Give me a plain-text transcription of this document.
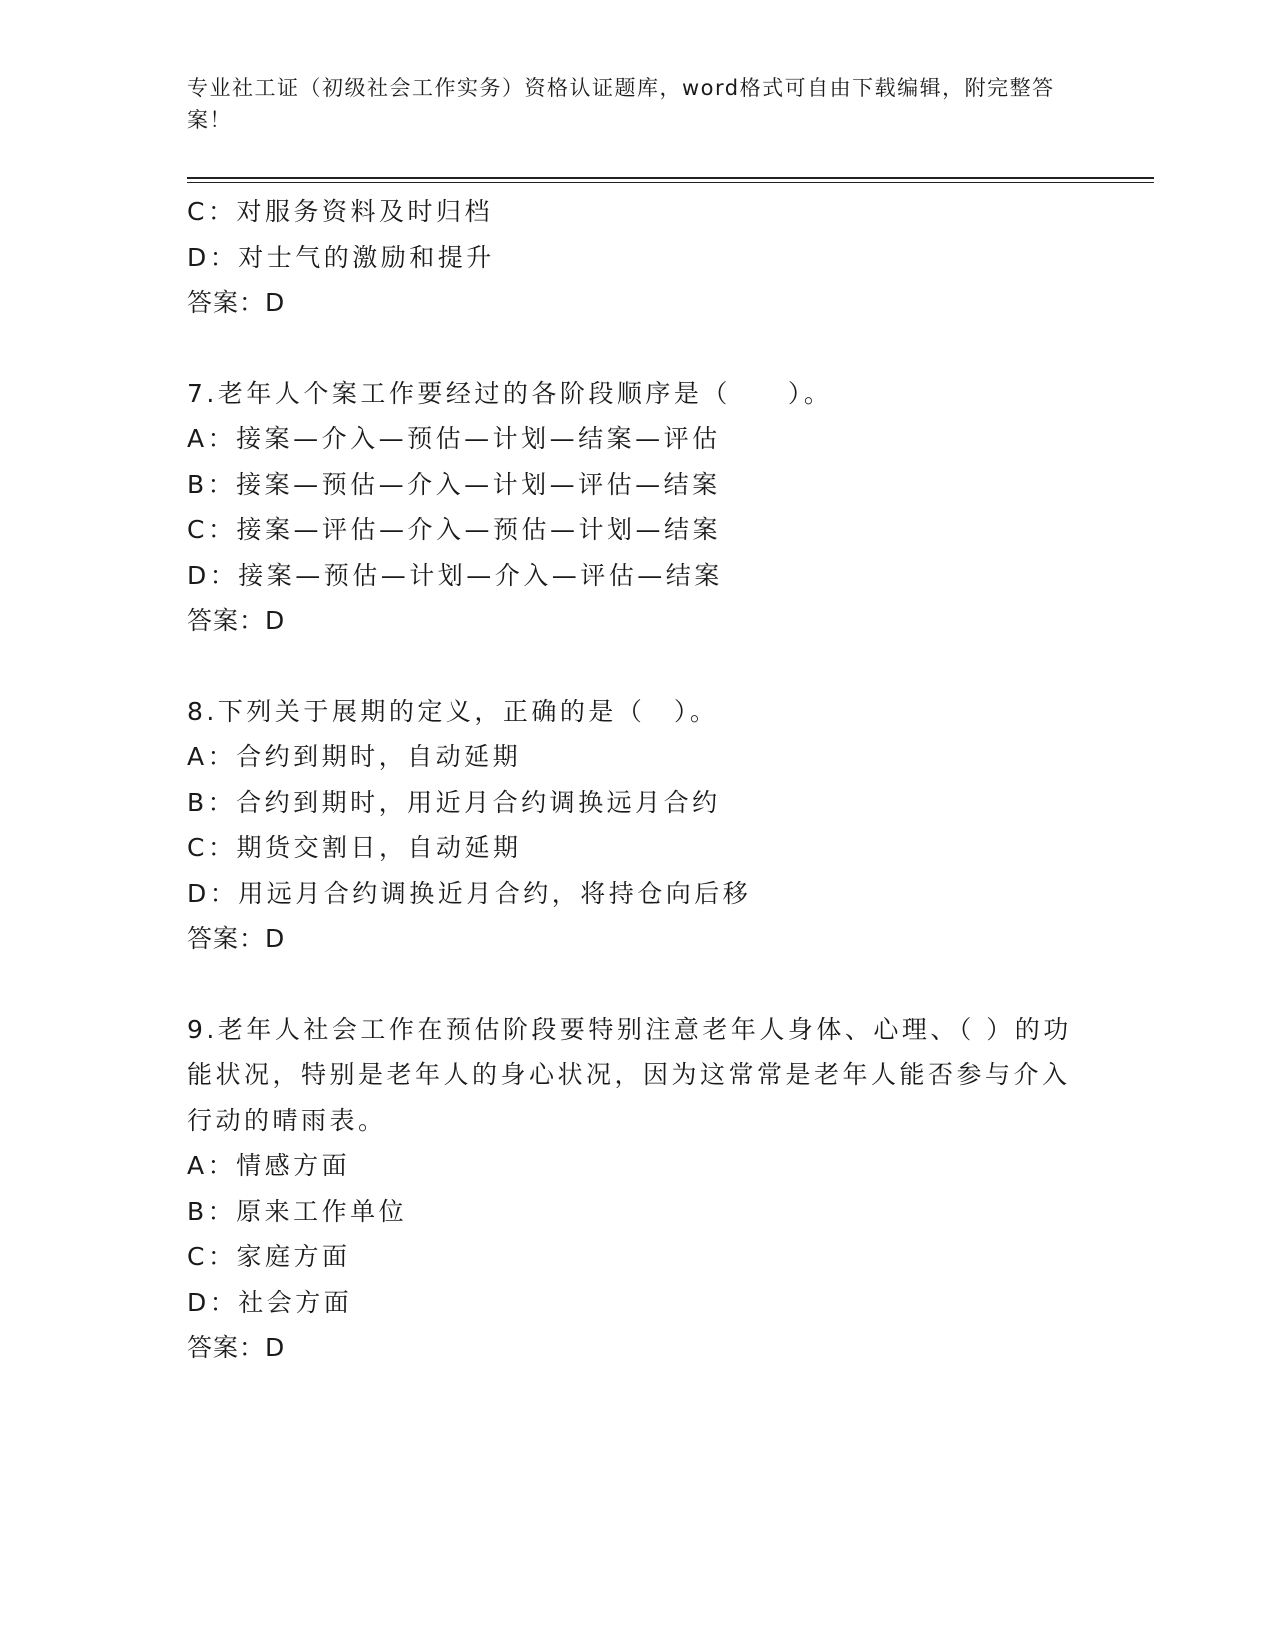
专业社工证（初级社会工作实务）资格认证题库，word格式可自由下载编辑，附完整答案！
C：对服务资料及时归档
D：对士气的激励和提升
答案：D
7.老年人个案工作要经过的各阶段顺序是（　　）。
A：接案—介入—预估—计划—结案—评估
B：接案—预估—介入—计划—评估—结案
C：接案—评估—介入—预估—计划—结案
D：接案—预估—计划—介入—评估—结案
答案：D
8.下列关于展期的定义，正确的是（　）。
A：合约到期时，自动延期
B：合约到期时，用近月合约调换远月合约
C：期货交割日，自动延期
D：用远月合约调换近月合约，将持仓向后移
答案：D
9.老年人社会工作在预估阶段要特别注意老年人身体、心理、（ ）的功能状况，特别是老年人的身心状况，因为这常常是老年人能否参与介入行动的晴雨表。
A：情感方面
B：原来工作单位
C：家庭方面
D：社会方面
答案：D
